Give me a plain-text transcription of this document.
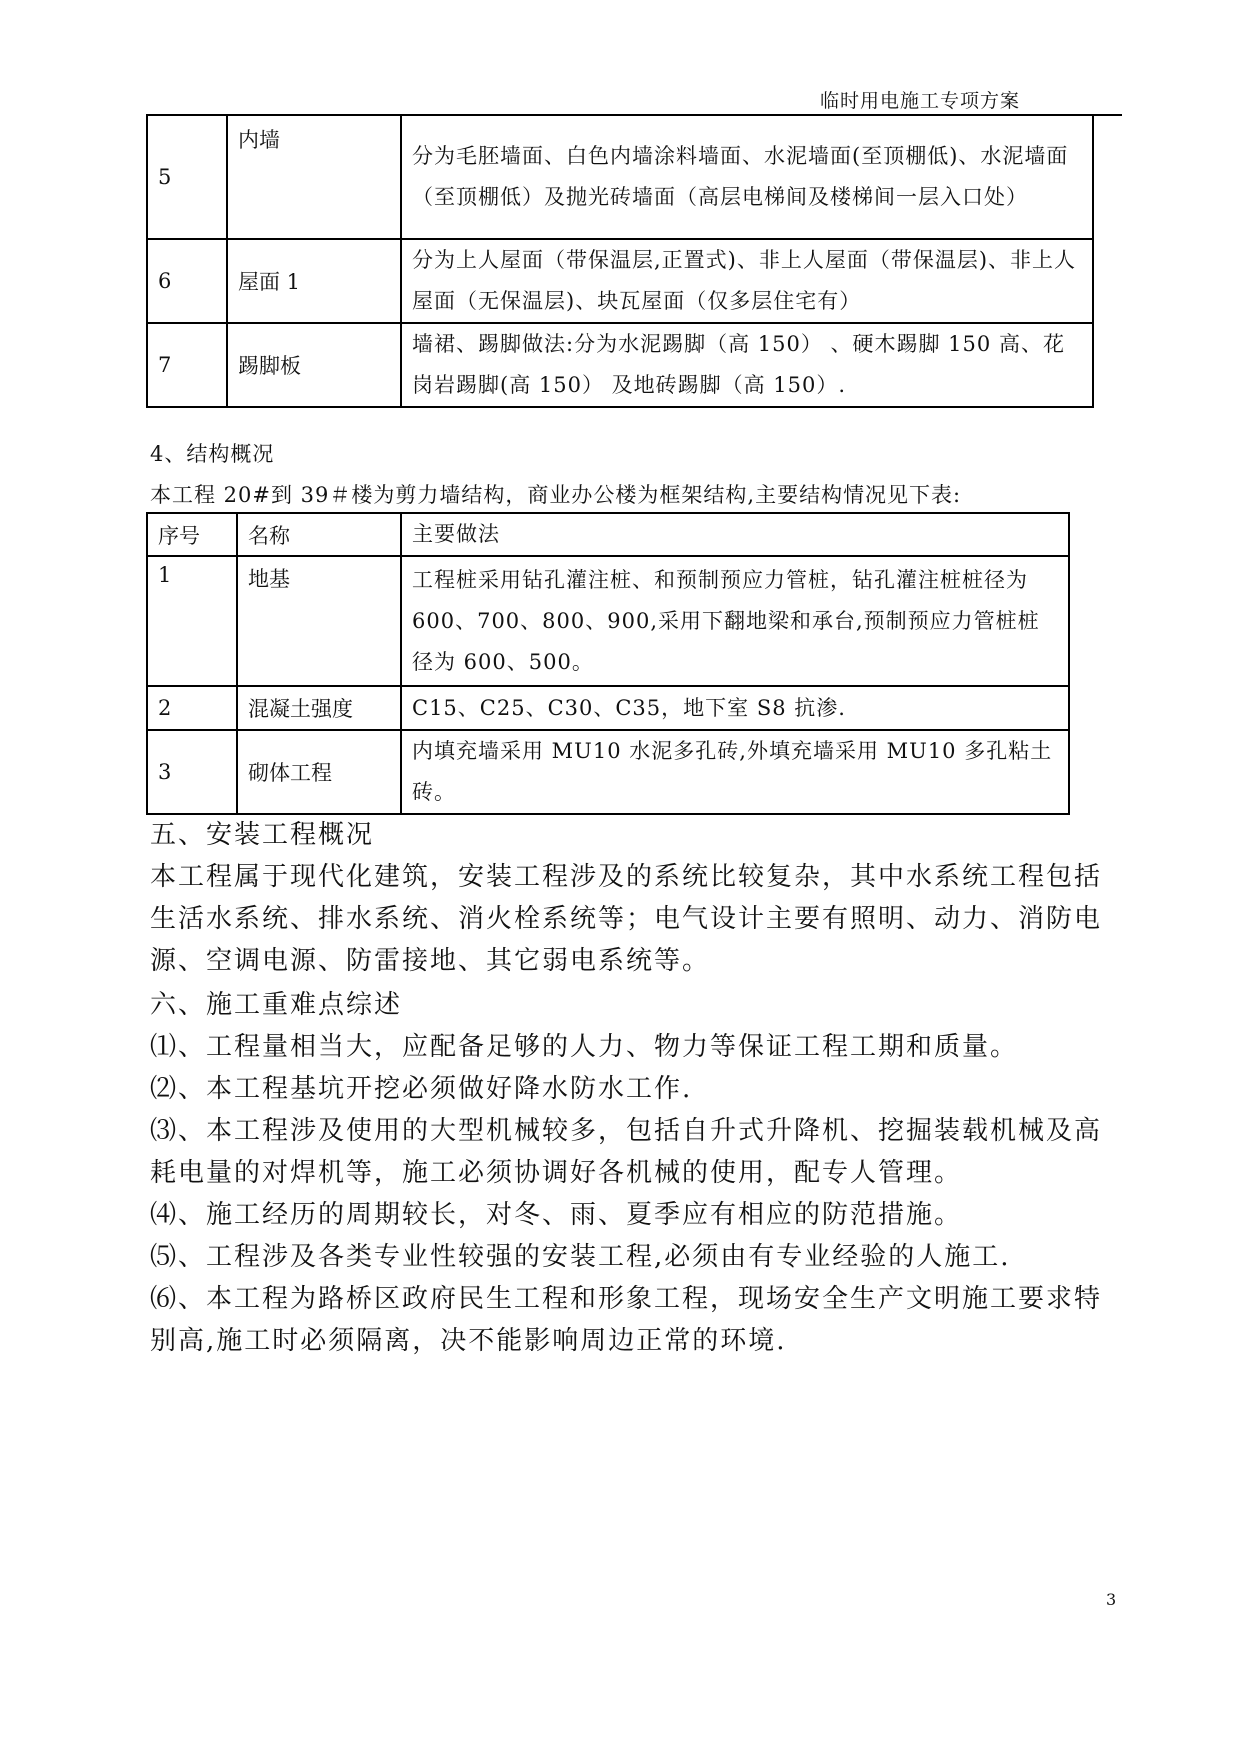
临时用电施工专项方案
5	内墙	分为毛胚墙面、白色内墙涂料墙面、水泥墙面(至顶棚低)、水泥墙面（至顶棚低）及抛光砖墙面（高层电梯间及楼梯间一层入口处）
6	屋面 1	分为上人屋面（带保温层,正置式)、非上人屋面（带保温层)、非上人屋面（无保温层)、块瓦屋面（仅多层住宅有）
7	踢脚板	墙裙、踢脚做法:分为水泥踢脚（高 150） 、硬木踢脚 150 高、花岗岩踢脚(高 150） 及地砖踢脚（高 150）.
4、结构概况
本工程 20#到 39＃楼为剪力墙结构，商业办公楼为框架结构,主要结构情况见下表:
序号	名称	主要做法
1	地基	工程桩采用钻孔灌注桩、和预制预应力管桩，钻孔灌注桩桩径为 600、700、800、900,采用下翻地梁和承台,预制预应力管桩桩径为 600、500。
2	混凝土强度	C15、C25、C30、C35，地下室 S8 抗渗.
3	砌体工程	内填充墙采用 MU10 水泥多孔砖,外填充墙采用 MU10 多孔粘土砖。

五、安装工程概况

本工程属于现代化建筑，安装工程涉及的系统比较复杂，其中水系统工程包括生活水系统、排水系统、消火栓系统等；电气设计主要有照明、动力、消防电源、空调电源、防雷接地、其它弱电系统等。

六、施工重难点综述

⑴、工程量相当大，应配备足够的人力、物力等保证工程工期和质量。

⑵、本工程基坑开挖必须做好降水防水工作.

⑶、本工程涉及使用的大型机械较多，包括自升式升降机、挖掘装载机械及高耗电量的对焊机等，施工必须协调好各机械的使用，配专人管理。

⑷、施工经历的周期较长，对冬、雨、夏季应有相应的防范措施。

⑸、工程涉及各类专业性较强的安装工程,必须由有专业经验的人施工.

⑹、本工程为路桥区政府民生工程和形象工程，现场安全生产文明施工要求特别高,施工时必须隔离，决不能影响周边正常的环境.

3
